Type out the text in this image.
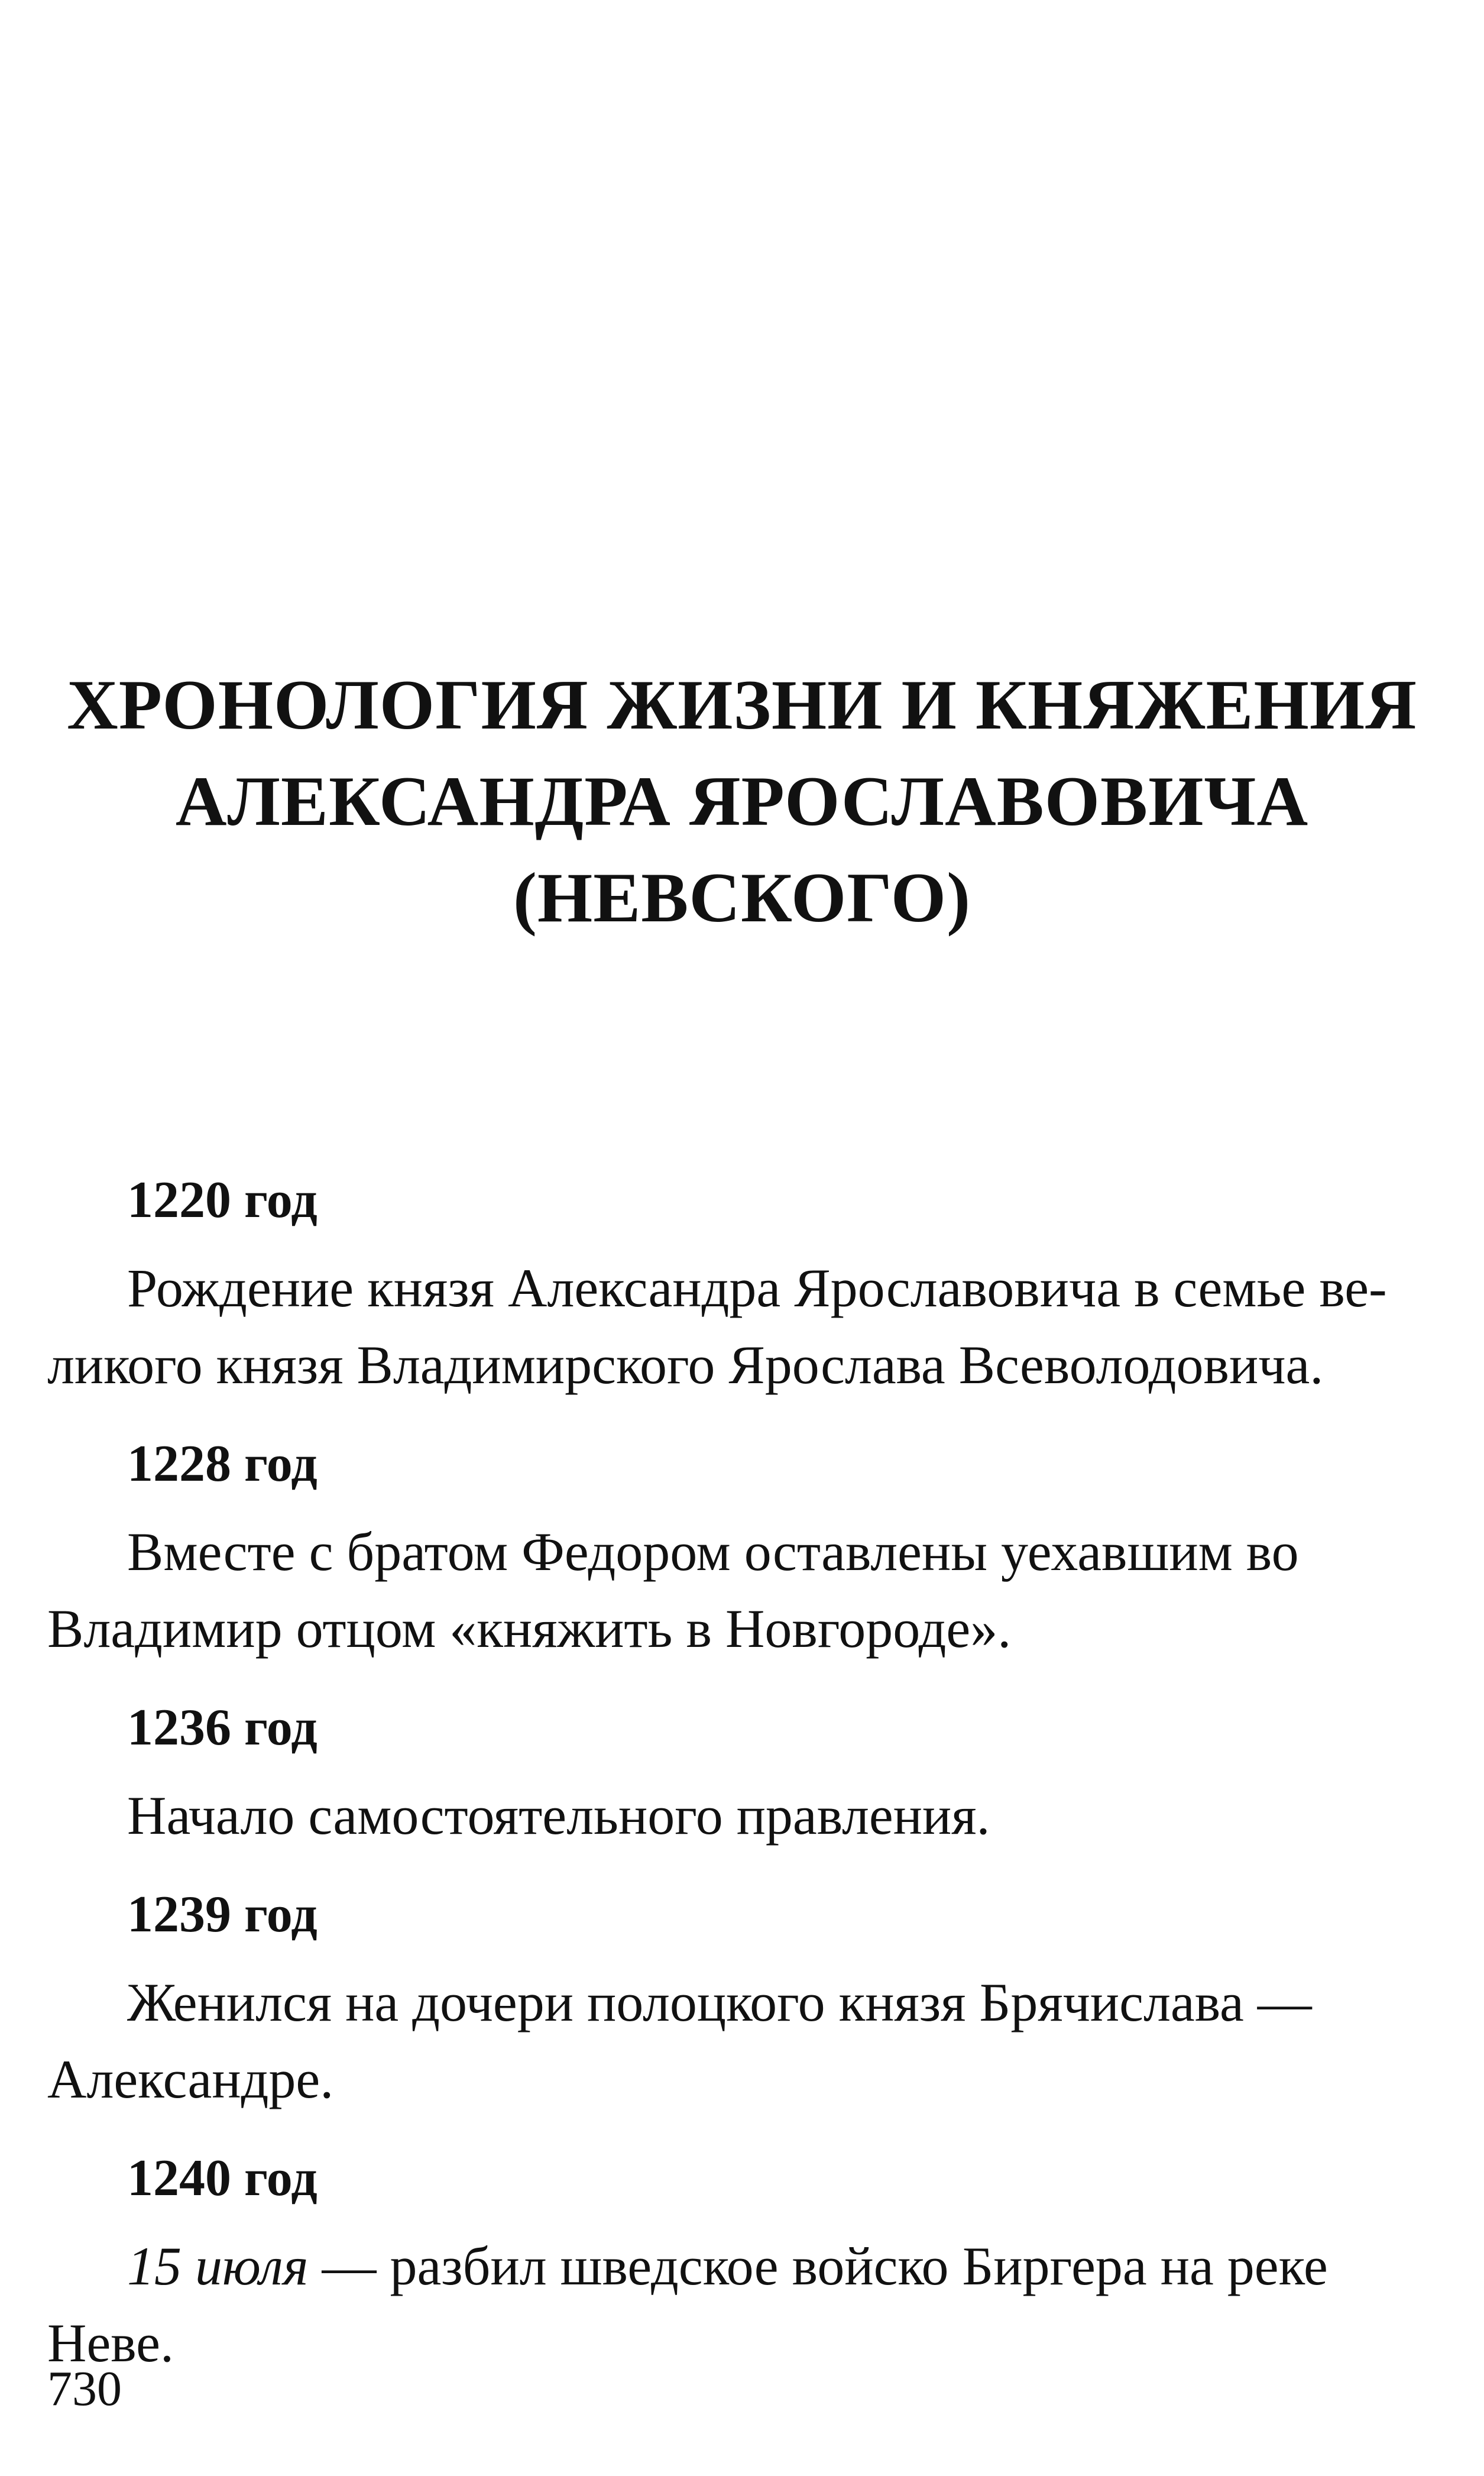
ХРОНОЛОГИЯ ЖИЗНИ И КНЯЖЕНИЯ
АЛЕКСАНДРА ЯРОСЛАВОВИЧА
(НЕВСКОГО)
1220 год
Рождение князя Александра Ярославовича в семье ве-
ликого князя Владимирского Ярослава Всеволодовича.
1228 год
Вместе с братом Федором оставлены уехавшим во
Владимир отцом «княжить в Новгороде».
1236 год
Начало самостоятельного правления.
1239 год
Женился на дочери полоцкого князя Брячислава —
Александре.
1240 год
15 июля — разбил шведское войско Биргера на реке
Неве.
730
